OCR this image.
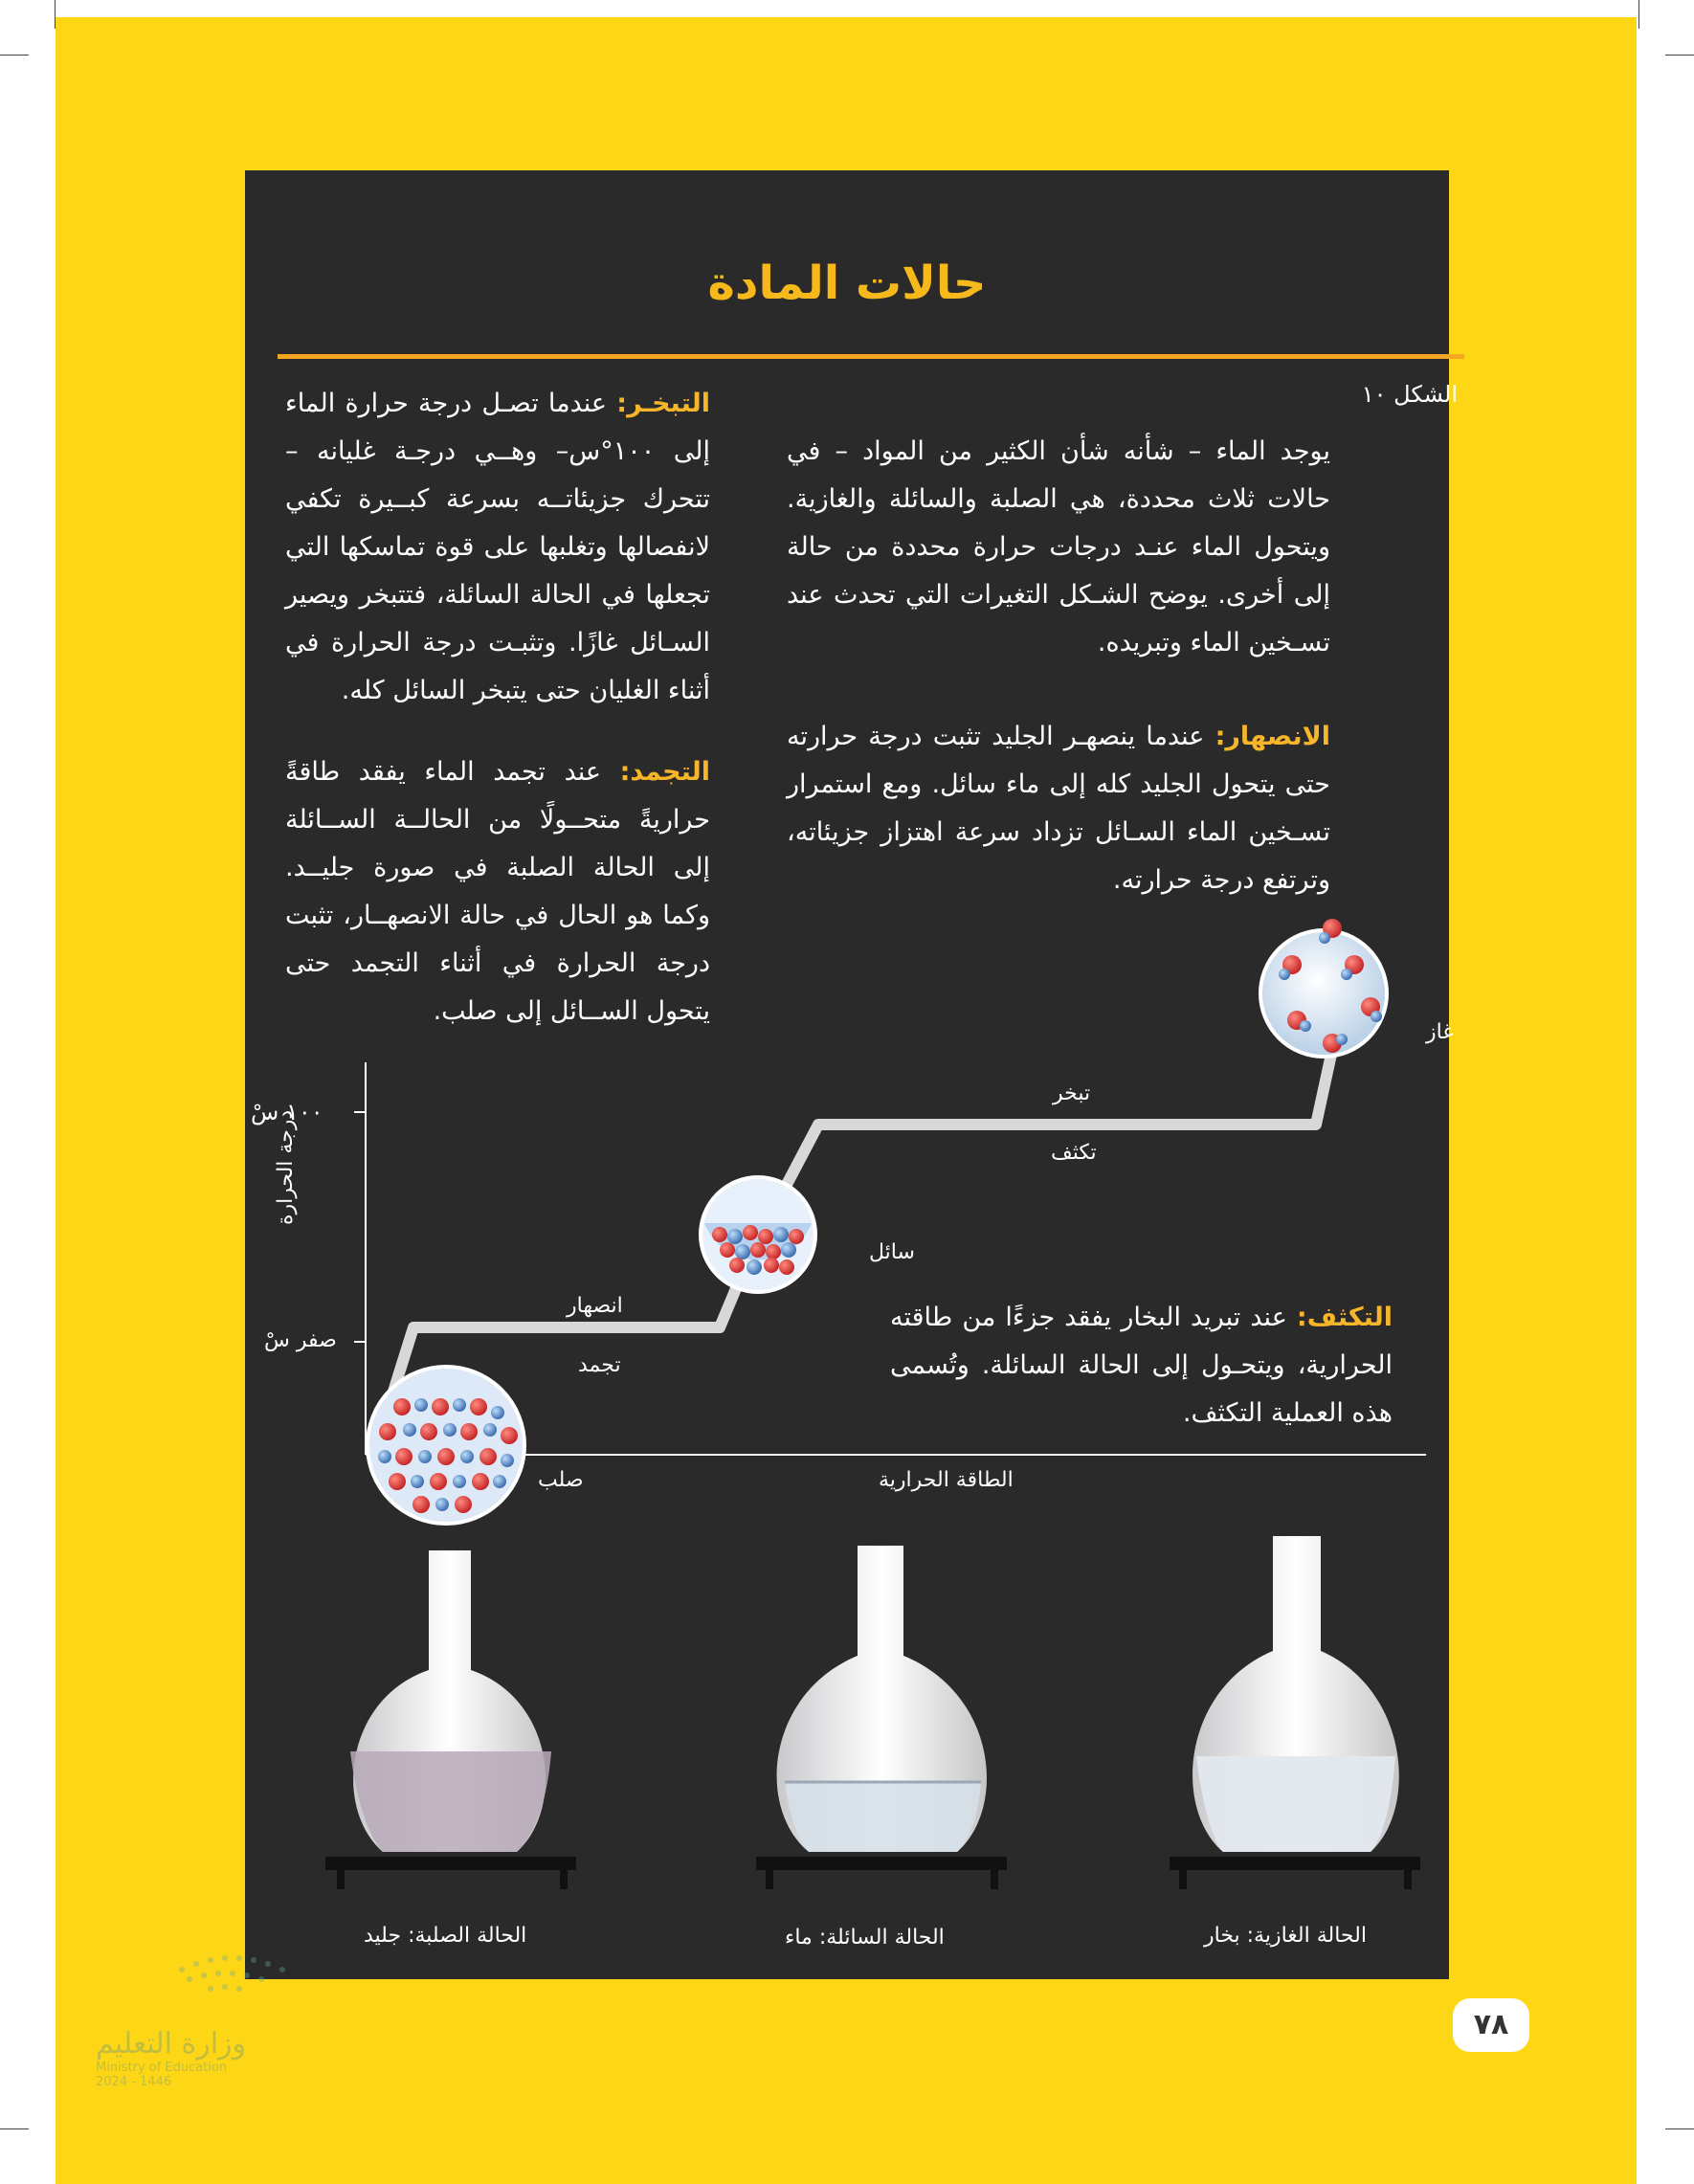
حالات المادة
الشكل ١٠
يوجد الماء – شأنه شأن الكثير من المواد – في حالات ثلاث محددة، هي الصلبة والسائلة والغازية. ويتحول الماء عنـد درجات حرارة محددة من حالة إلى أخرى. يوضح الشـكل التغيرات التي تحدث عند تسـخين الماء وتبريده.
الانصهار: عندما ينصهـر الجليد تثبت درجة حرارته حتى يتحول الجليد كله إلى ماء سائل. ومع استمرار تسـخين الماء السـائل تزداد سرعة اهتزاز جزيئاته، وترتفع درجة حرارته.
التبخـر: عندما تصـل درجة حرارة الماء إلى ١٠٠°س– وهــي درجـة غليانه – تتحرك جزيئاتــه بسرعة كبــيرة تكفي لانفصالها وتغلبها على قوة تماسكها التي تجعلها في الحالة السائلة، فتتبخر ويصير السـائل غازًا. وتثبـت درجة الحرارة في أثناء الغليان حتى يتبخر السائل كله.
التجمد: عند تجمد الماء يفقد طاقةً حراريةً متحــولًا من الحالــة الســائلة إلى الحالة الصلبة في صورة جليــد. وكما هو الحال في حالة الانصهــار، تثبت درجة الحرارة في أثناء التجمد حتى يتحول الســائل إلى صلب.
التكثف: عند تبريد البخار يفقد جزءًا من طاقته الحرارية، ويتحـول إلى الحالة السائلة. وتُسمى هذه العملية التكثف.
١٠٠ سْ
صفر سْ
درجة الحرارة
الطاقة الحرارية
انصهار
تجمد
تبخر
تكثف
صلب
سائل
غاز
الحالة الصلبة: جليد	الحالة السائلة: ماء	الحالة الغازية: بخار
٧٨
وزارة التعليم
Ministry of Education
2024 - 1446
